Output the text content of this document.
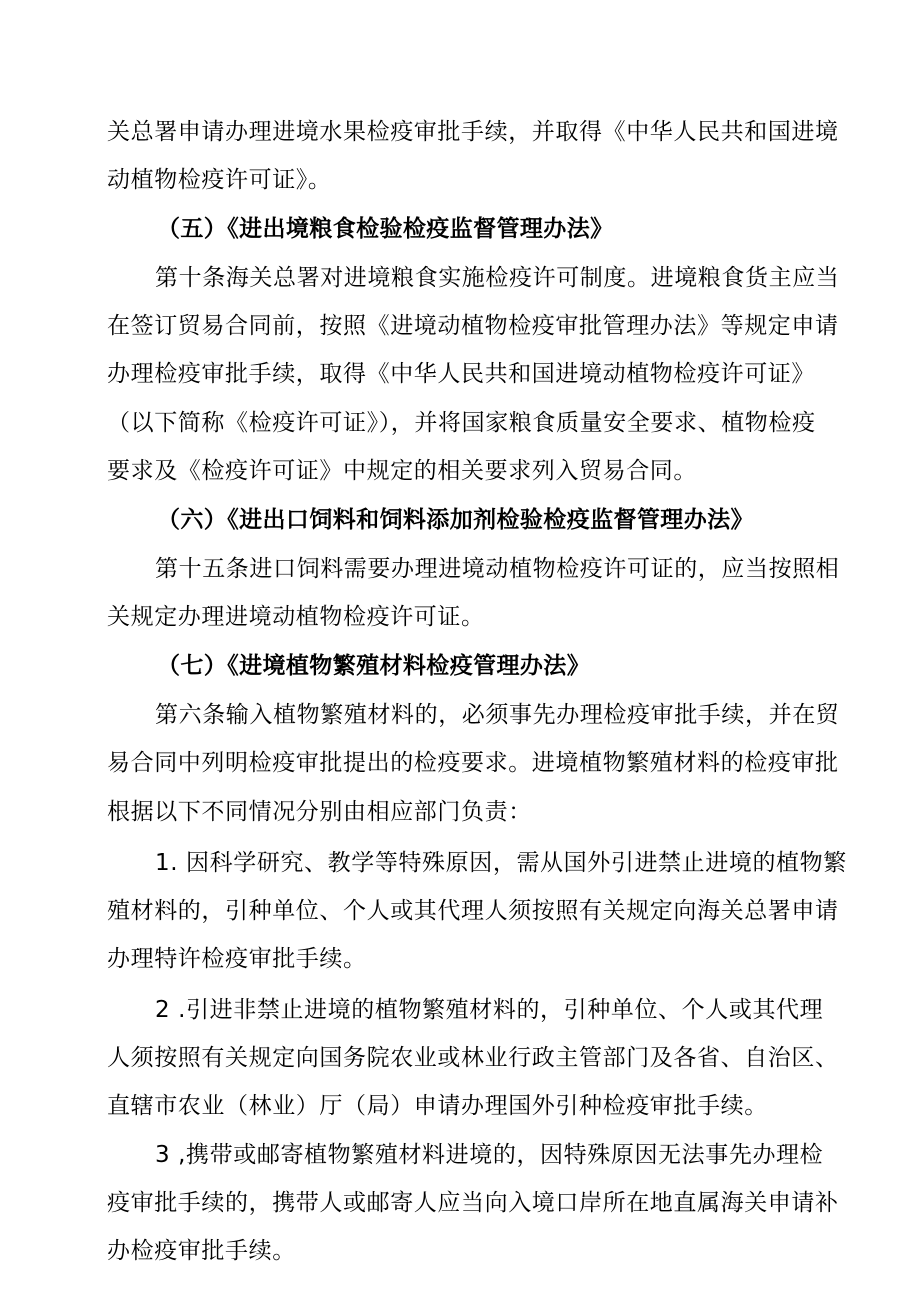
关总署申请办理进境水果检疫审批手续，并取得《中华人民共和国进境
动植物检疫许可证》。
（五）《进出境粮食检验检疫监督管理办法》
第十条海关总署对进境粮食实施检疫许可制度。进境粮食货主应当
在签订贸易合同前，按照《进境动植物检疫审批管理办法》等规定申请
办理检疫审批手续，取得《中华人民共和国进境动植物检疫许可证》
（以下简称《检疫许可证》），并将国家粮食质量安全要求、植物检疫
要求及《检疫许可证》中规定的相关要求列入贸易合同。
（六）《进出口饲料和饲料添加剂检验检疫监督管理办法》
第十五条进口饲料需要办理进境动植物检疫许可证的，应当按照相
关规定办理进境动植物检疫许可证。
（七）《进境植物繁殖材料检疫管理办法》
第六条输入植物繁殖材料的，必须事先办理检疫审批手续，并在贸
易合同中列明检疫审批提出的检疫要求。进境植物繁殖材料的检疫审批
根据以下不同情况分别由相应部门负责：
1. 因科学研究、教学等特殊原因，需从国外引进禁止进境的植物繁
殖材料的，引种单位、个人或其代理人须按照有关规定向海关总署申请
办理特许检疫审批手续。
2 .引进非禁止进境的植物繁殖材料的，引种单位、个人或其代理
人须按照有关规定向国务院农业或林业行政主管部门及各省、自治区、
直辖市农业（林业）厅（局）申请办理国外引种检疫审批手续。
3 ,携带或邮寄植物繁殖材料进境的，因特殊原因无法事先办理检
疫审批手续的，携带人或邮寄人应当向入境口岸所在地直属海关申请补
办检疫审批手续。
